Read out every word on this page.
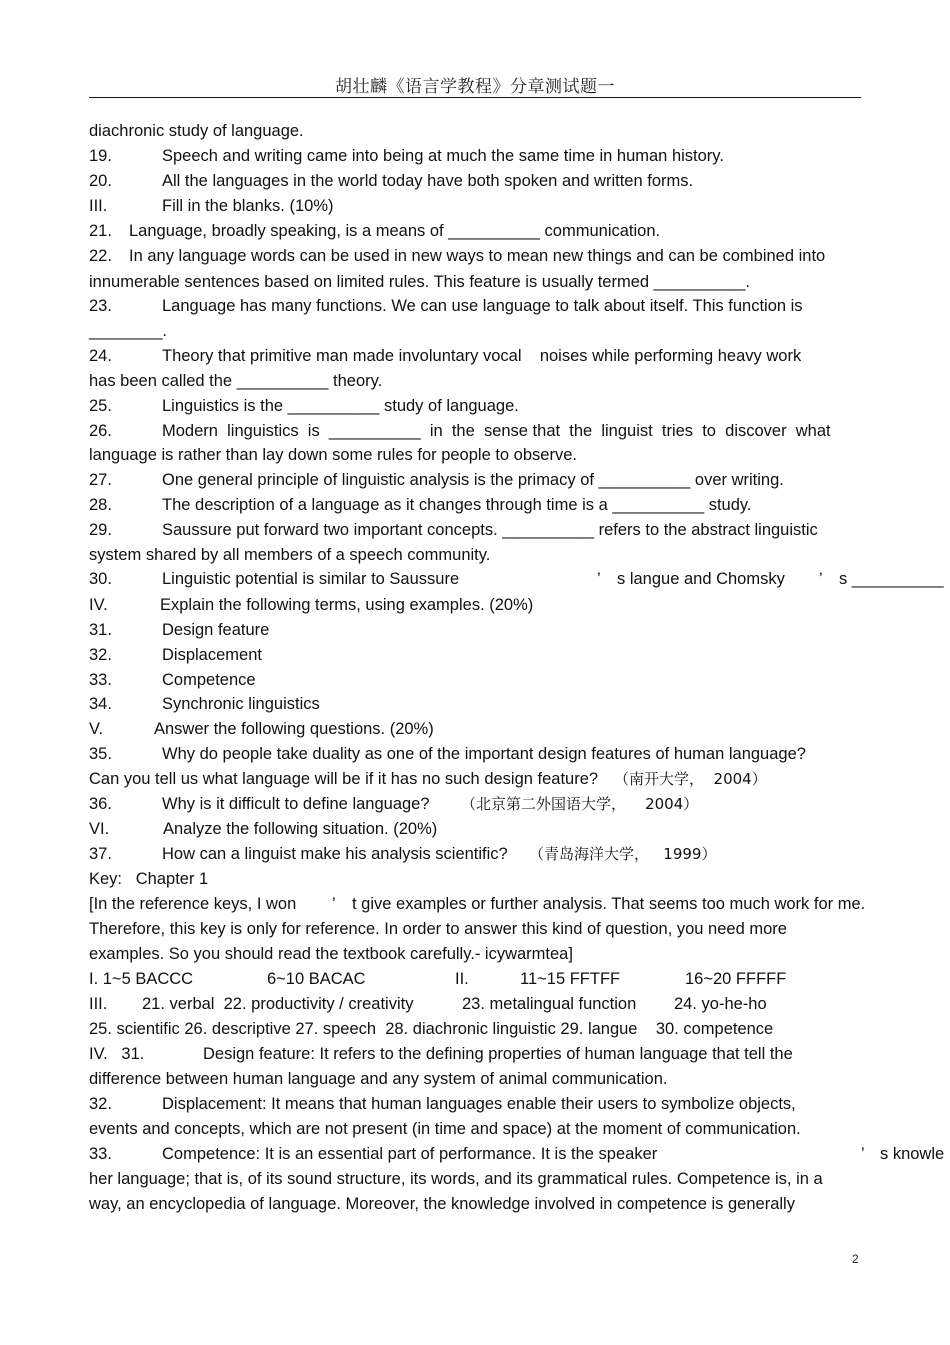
胡壮麟《语言学教程》分章测试题一
diachronic study of language.
19.	Speech and writing came into being at much the same time in human history.
20.	All the languages in the world today have both spoken and written forms.
III.	Fill in the blanks. (10%)
21. Language, broadly speaking, is a means of __________ communication.
22. In any language words can be used in new ways to mean new things and can be combined into
innumerable sentences based on limited rules. This feature is usually termed __________.
23.	Language has many functions. We can use language to talk about itself. This function is
________.
24.	Theory that primitive man made involuntary vocal    noises while performing heavy work
has been called the __________ theory.
25.	Linguistics is the __________ study of language.
26.	Modern  linguistics  is  __________  in  the  sense that  the  linguist  tries  to  discover  what
language is rather than lay down some rules for people to observe.
27.	One general principle of linguistic analysis is the primacy of __________ over writing.
28.	The description of a language as it changes through time is a __________ study.
29.	Saussure put forward two important concepts. __________ refers to the abstract linguistic
system shared by all members of a speech community.
30.	Linguistic potential is similar to Saussure	’ s langue and Chomsky ’ s __________
IV.	Explain the following terms, using examples. (20%)
31.	Design feature
32.	Displacement
33.	Competence
34.	Synchronic linguistics
V.	Answer the following questions. (20%)
35.	Why do people take duality as one of the important design features of human language?
Can you tell us what language will be if it has no such design feature? （南开大学，  2004）
36.	Why is it difficult to define language? （北京第二外国语大学，    2004）
VI.	Analyze the following situation. (20%)
37.	How can a linguist make his analysis scientific? （青岛海洋大学，   1999）
Key:   Chapter 1
[In the reference keys, I won ’ t give examples or further analysis. That seems too much work for me.
Therefore, this key is only for reference. In order to answer this kind of question, you need more
examples. So you should read the textbook carefully.- icywarmtea]
I. 1~5 BACCC	6~10 BACAC	II.	11~15 FFTFF	16~20 FFFFF
III. 21. verbal  22. productivity / creativity	23. metalingual function 24. yo-he-ho
25. scientific 26. descriptive 27. speech  28. diachronic linguistic 29. langue    30. competence
IV.   31.	Design feature: It refers to the defining properties of human language that tell the
difference between human language and any system of animal communication.
32.	Displacement: It means that human languages enable their users to symbolize objects,
events and concepts, which are not present (in time and space) at the moment of communication.
33.	Competence: It is an essential part of performance. It is the speaker	’ s knowle
her language; that is, of its sound structure, its words, and its grammatical rules. Competence is, in a
way, an encyclopedia of language. Moreover, the knowledge involved in competence is generally
2
